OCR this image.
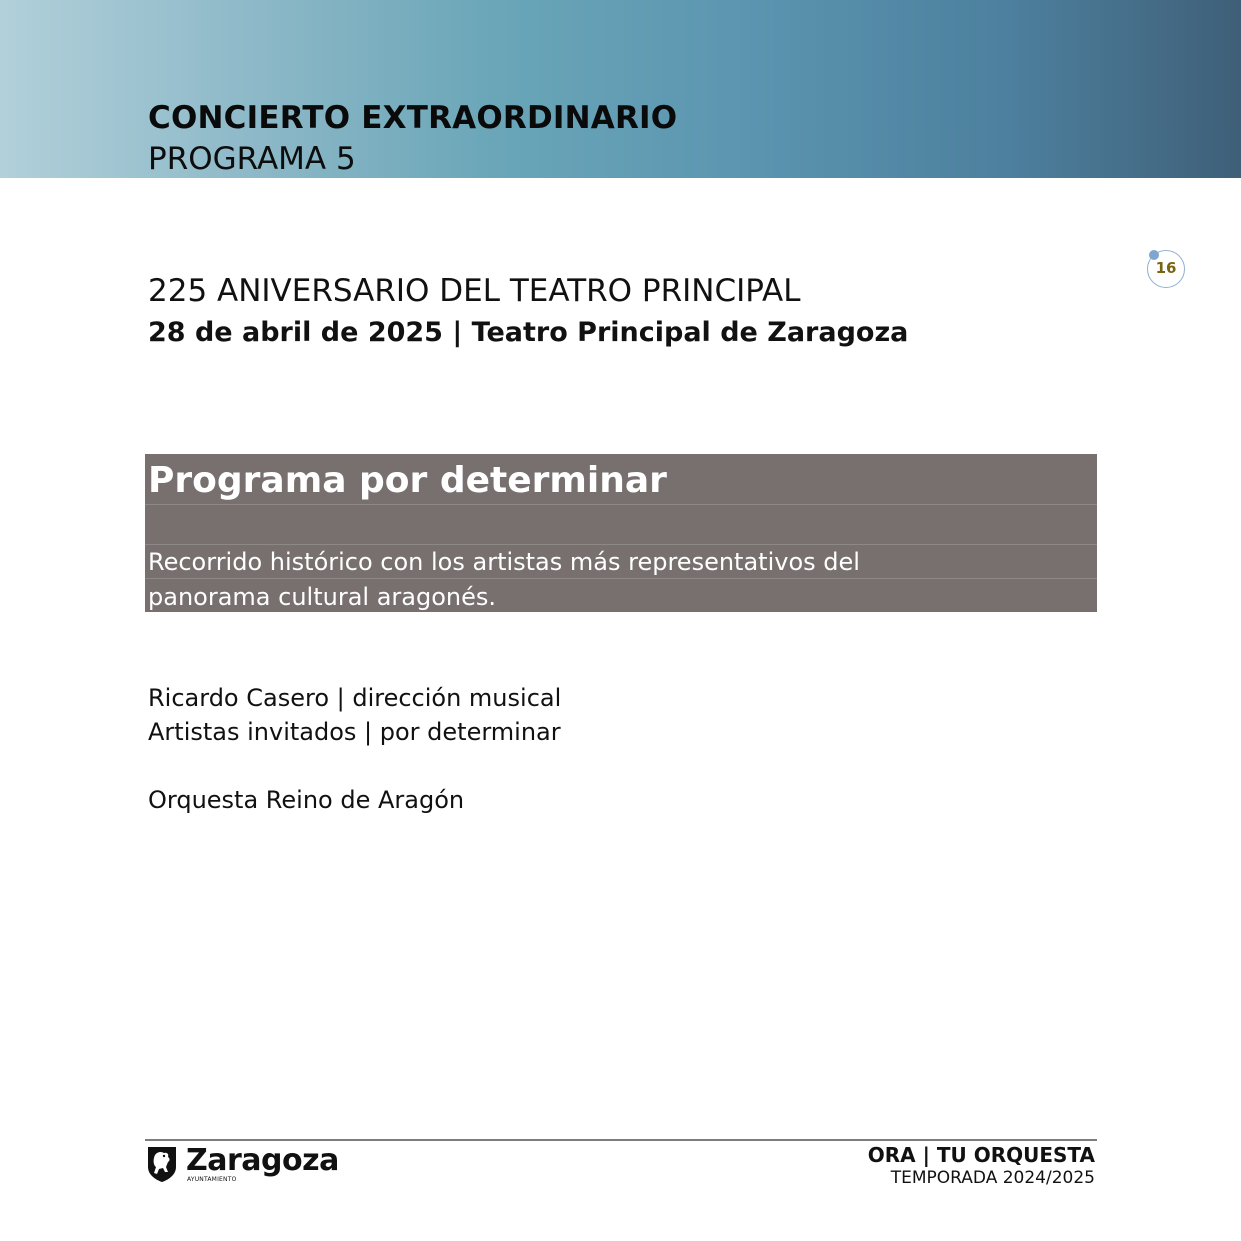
CONCIERTO EXTRAORDINARIO
PROGRAMA 5
16
225 ANIVERSARIO DEL TEATRO PRINCIPAL
28 de abril de 2025 | Teatro Principal de Zaragoza
Programa por determinar
Recorrido histórico con los artistas más representativos del
panorama cultural aragonés.
Ricardo Casero | dirección musical
Artistas invitados | por determinar
Orquesta Reino de Aragón
Zaragoza
AYUNTAMIENTO
ORA | TU ORQUESTA
TEMPORADA 2024/2025
